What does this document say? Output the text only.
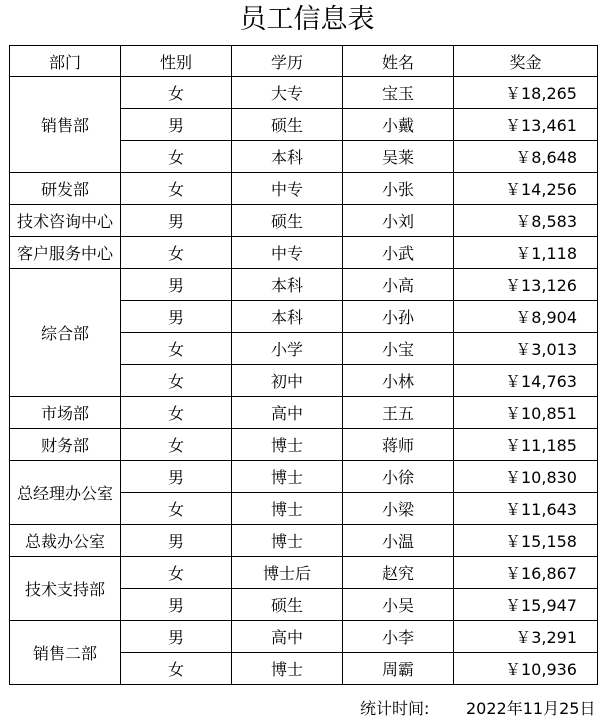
员工信息表
部门	性别	学历	姓名	奖金
销售部	女	大专	宝玉	￥18,265
	男	硕生	小戴	￥13,461
	女	本科	吴莱	￥8,648
研发部	女	中专	小张	￥14,256
技术咨询中心	男	硕生	小刘	￥8,583
客户服务中心	女	中专	小武	￥1,118
综合部	男	本科	小高	￥13,126
	男	本科	小孙	￥8,904
	女	小学	小宝	￥3,013
	女	初中	小林	￥14,763
市场部	女	高中	王五	￥10,851
财务部	女	博士	蒋师	￥11,185
总经理办公室	男	博士	小徐	￥10,830
	女	博士	小梁	￥11,643
总裁办公室	男	博士	小温	￥15,158
技术支持部	女	博士后	赵究	￥16,867
	男	硕生	小吴	￥15,947
销售二部	男	高中	小李	￥3,291
	女	博士	周霸	￥10,936
统计时间: 2022年11月25日
